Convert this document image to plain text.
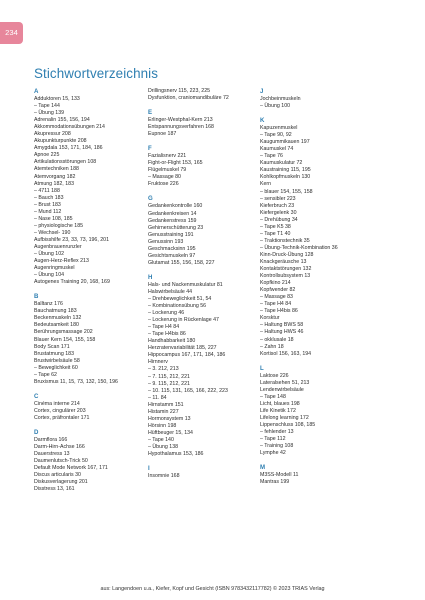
234
Stichwortverzeichnis
A
Adduktoren 15, 133
– Tape 144
– Übung 139
Adrenalin 155, 156, 194
Akkommodationsübungen 214
Akupressur 208
Akupunkturpunkte 208
Amygdala 153, 171, 184, 186
Apnoe 225
Artikulationsstörungen 108
Atemtechniken 188
Atemvorgang 182
Atmung 182, 183
– 4711 188
– Bauch 183
– Brust 183
– Mund 112
– Nase 108, 185
– physiologische 185
– Wechsel- 190
Aufbisshilfe 23, 33, 73, 196, 201
Augenbrauenrunzler
– Übung 102
Augen-Herz-Reflex 213
Augenringmuskel
– Übung 104
Autogenes Training 20, 168, 169
B
Balltanz 176
Bauchatmung 183
Beckenmuskeln 132
Bedeutsamkeit 180
Berührungsmassage 202
Blauer Kern 154, 155, 158
Body Scan 171
Brustatmung 183
Brustwirbelsäule 58
– Beweglichkeit 60
– Tape 62
Bruxismus 11, 15, 73, 132, 150, 196
C
Cinéma interne 214
Cortex, cingulärer 203
Cortex, präfrontaler 171
D
Darmflora 166
Darm-Hirn-Achse 166
Dauerstress 13
Daumenlutsch-Trick 50
Default Mode Network 167, 171
Discus articularis 30
Diskusverlagerung 201
Disstress 13, 161
Drillingsnerv 115, 223, 225
Dysfunktion, craniomandibuläre 72
E
Erlinger-Westphal-Kern 213
Entspannungsverfahren 168
Eupnoe 187
F
Fazialisnerv 221
Fight-or-Flight 153, 165
Flügelmuskel 79
– Massage 80
Fruktose 226
G
Gedankenkontrolle 160
Gedankenkreisen 14
Gedankenstress 159
Gehirnerschütterung 23
Genusstraining 191
Genussinn 193
Geschmacksinn 195
Gesichtsmuskeln 97
Glutamat 155, 156, 158, 227
H
Hals- und Nackenmuskulatur 81
Halswirbelsäule 44
– Drehbeweglichkeit 51, 54
– Kombinationsübung 56
– Lockerung 46
– Lockerung in Rückenlage 47
– Tape H4 84
– Tape H4bis 86
Handhabbarkeit 180
Herzratenvariabilität 185, 227
Hippocampus 167, 171, 184, 186
Hirnnerv
– 3. 212, 213
– 7. 115, 212, 221
– 9. 115, 212, 221
– 10. 115, 131, 165, 166, 222, 223
– 11. 84
Hirnstamm 151
Histamin 227
Hormonsystem 13
Hörsinn 198
Hüftbeuger 15, 134
– Tape 140
– Übung 138
Hypothalamus 153, 186
I
Insomnie 168
J
Jochbeinmuskeln
– Übung 100
K
Kapuzenmuskel
– Tape 90, 92
Kaugummikauen 197
Kaumuskel 74
– Tape 76
Kaumuskulatur 72
Kaustraining 115, 195
Kohlkopfmuskeln 130
Kern
– blauer 154, 155, 158
– sensibler 223
Kieferbruch 23
Kiefergelenk 30
– Drehübung 34
– Tape K5 38
– Tape T1 40
– Traktionstechnik 35
– Übung-Technik-Kombination 36
Kinn-Druck-Übung 128
Knackgeräusche 13
Kontaktstörungen 132
Kontrollsubsystem 13
Kopfkino 214
Kopfwender 82
– Massage 83
– Tape H4 84
– Tape H4bis 86
Korsktur
– Haltung BWS 58
– Haltung HWS 46
– okklusale 18
– Zahn 18
Kortisol 156, 163, 194
L
Laktose 226
Lateralsehen 51, 213
Lendenwirbelsäule
– Tape 148
Licht, blaues 198
Life Kinetik 172
Lifelong learning 172
Lippenschluss 108, 185
– fehlender 13
– Tape 112
– Training 108
Lymphe 42
M
M3SS-Modell 11
Mantras 199
aus: Langendoen u.a., Kiefer, Kopf und Gesicht (ISBN 9783432117782) © 2023 TRIAS Verlag
